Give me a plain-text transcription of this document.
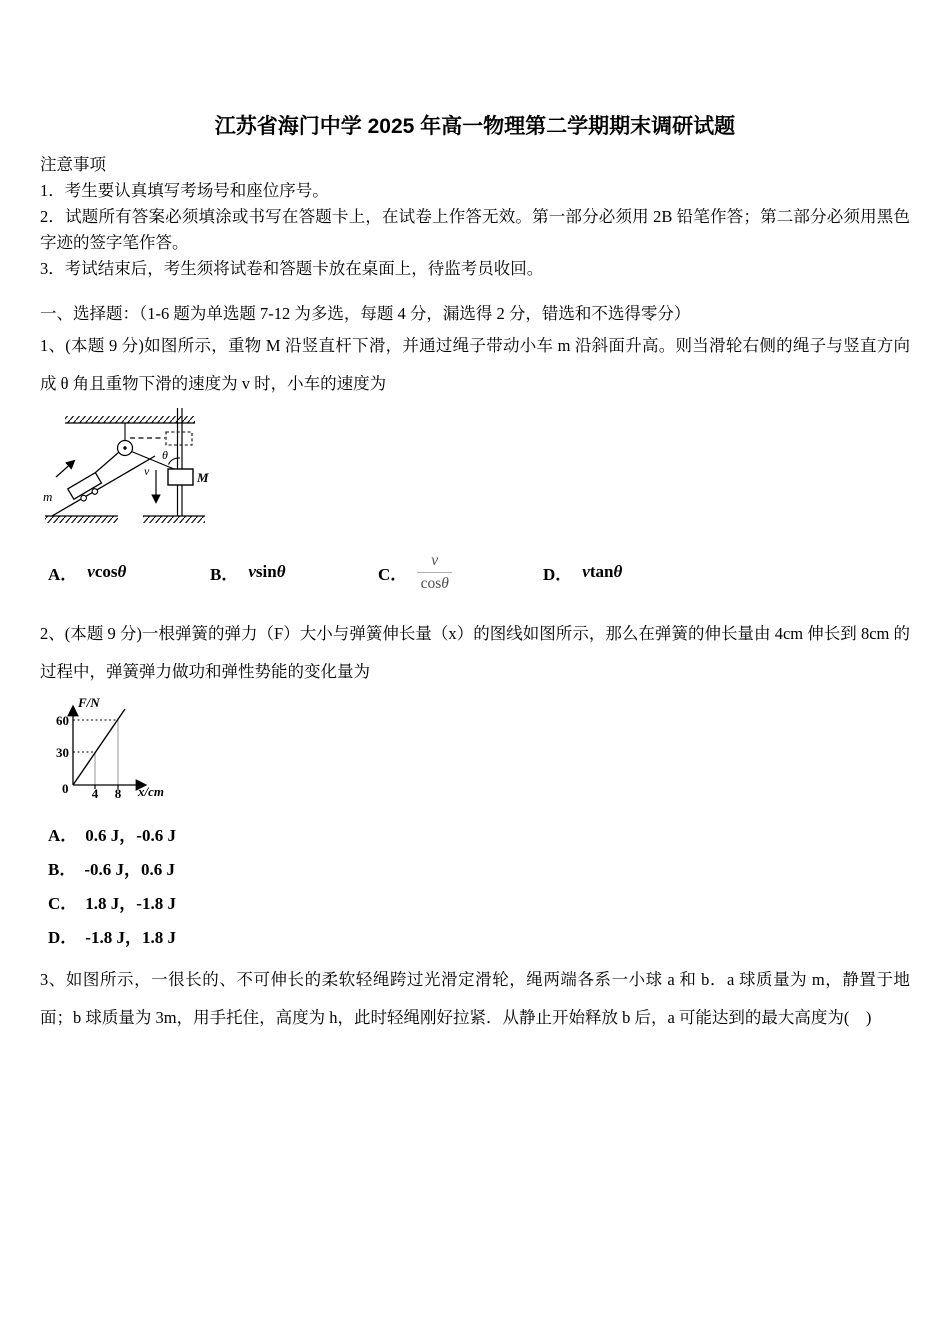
江苏省海门中学 2025 年高一物理第二学期期末调研试题
注意事项
1．考生要认真填写考场号和座位序号。
2．试题所有答案必须填涂或书写在答题卡上，在试卷上作答无效。第一部分必须用 2B 铅笔作答；第二部分必须用黑色字迹的签字笔作答。
3．考试结束后，考生须将试卷和答题卡放在桌面上，待监考员收回。
一、选择题：（1-6 题为单选题 7-12 为多选，每题 4 分，漏选得 2 分，错选和不选得零分）
1、(本题 9 分)如图所示，重物 M 沿竖直杆下滑，并通过绳子带动小车 m 沿斜面升高。则当滑轮右侧的绳子与竖直方向成 θ 角且重物下滑的速度为 v 时，小车的速度为
θ
M
v
m
A． vcosθ	B． vsinθ	C． $\frac{v}{\cos\theta}$	D． vtanθ
2、(本题 9 分)一根弹簧的弹力（F）大小与弹簧伸长量（x）的图线如图所示，那么在弹簧的伸长量由 4cm 伸长到 8cm 的过程中，弹簧弹力做功和弹性势能的变化量为
F/N
x/cm
0
60
30
4 8
A． 0.6 J，-0.6 J
B． -0.6 J，0.6 J
C． 1.8 J，-1.8 J
D． -1.8 J，1.8 J
3、如图所示，一很长的、不可伸长的柔软轻绳跨过光滑定滑轮，绳两端各系一小球 a 和 b．a 球质量为 m，静置于地面；b 球质量为 3m，用手托住，高度为 h，此时轻绳刚好拉紧．从静止开始释放 b 后，a 可能达到的最大高度为(　)
